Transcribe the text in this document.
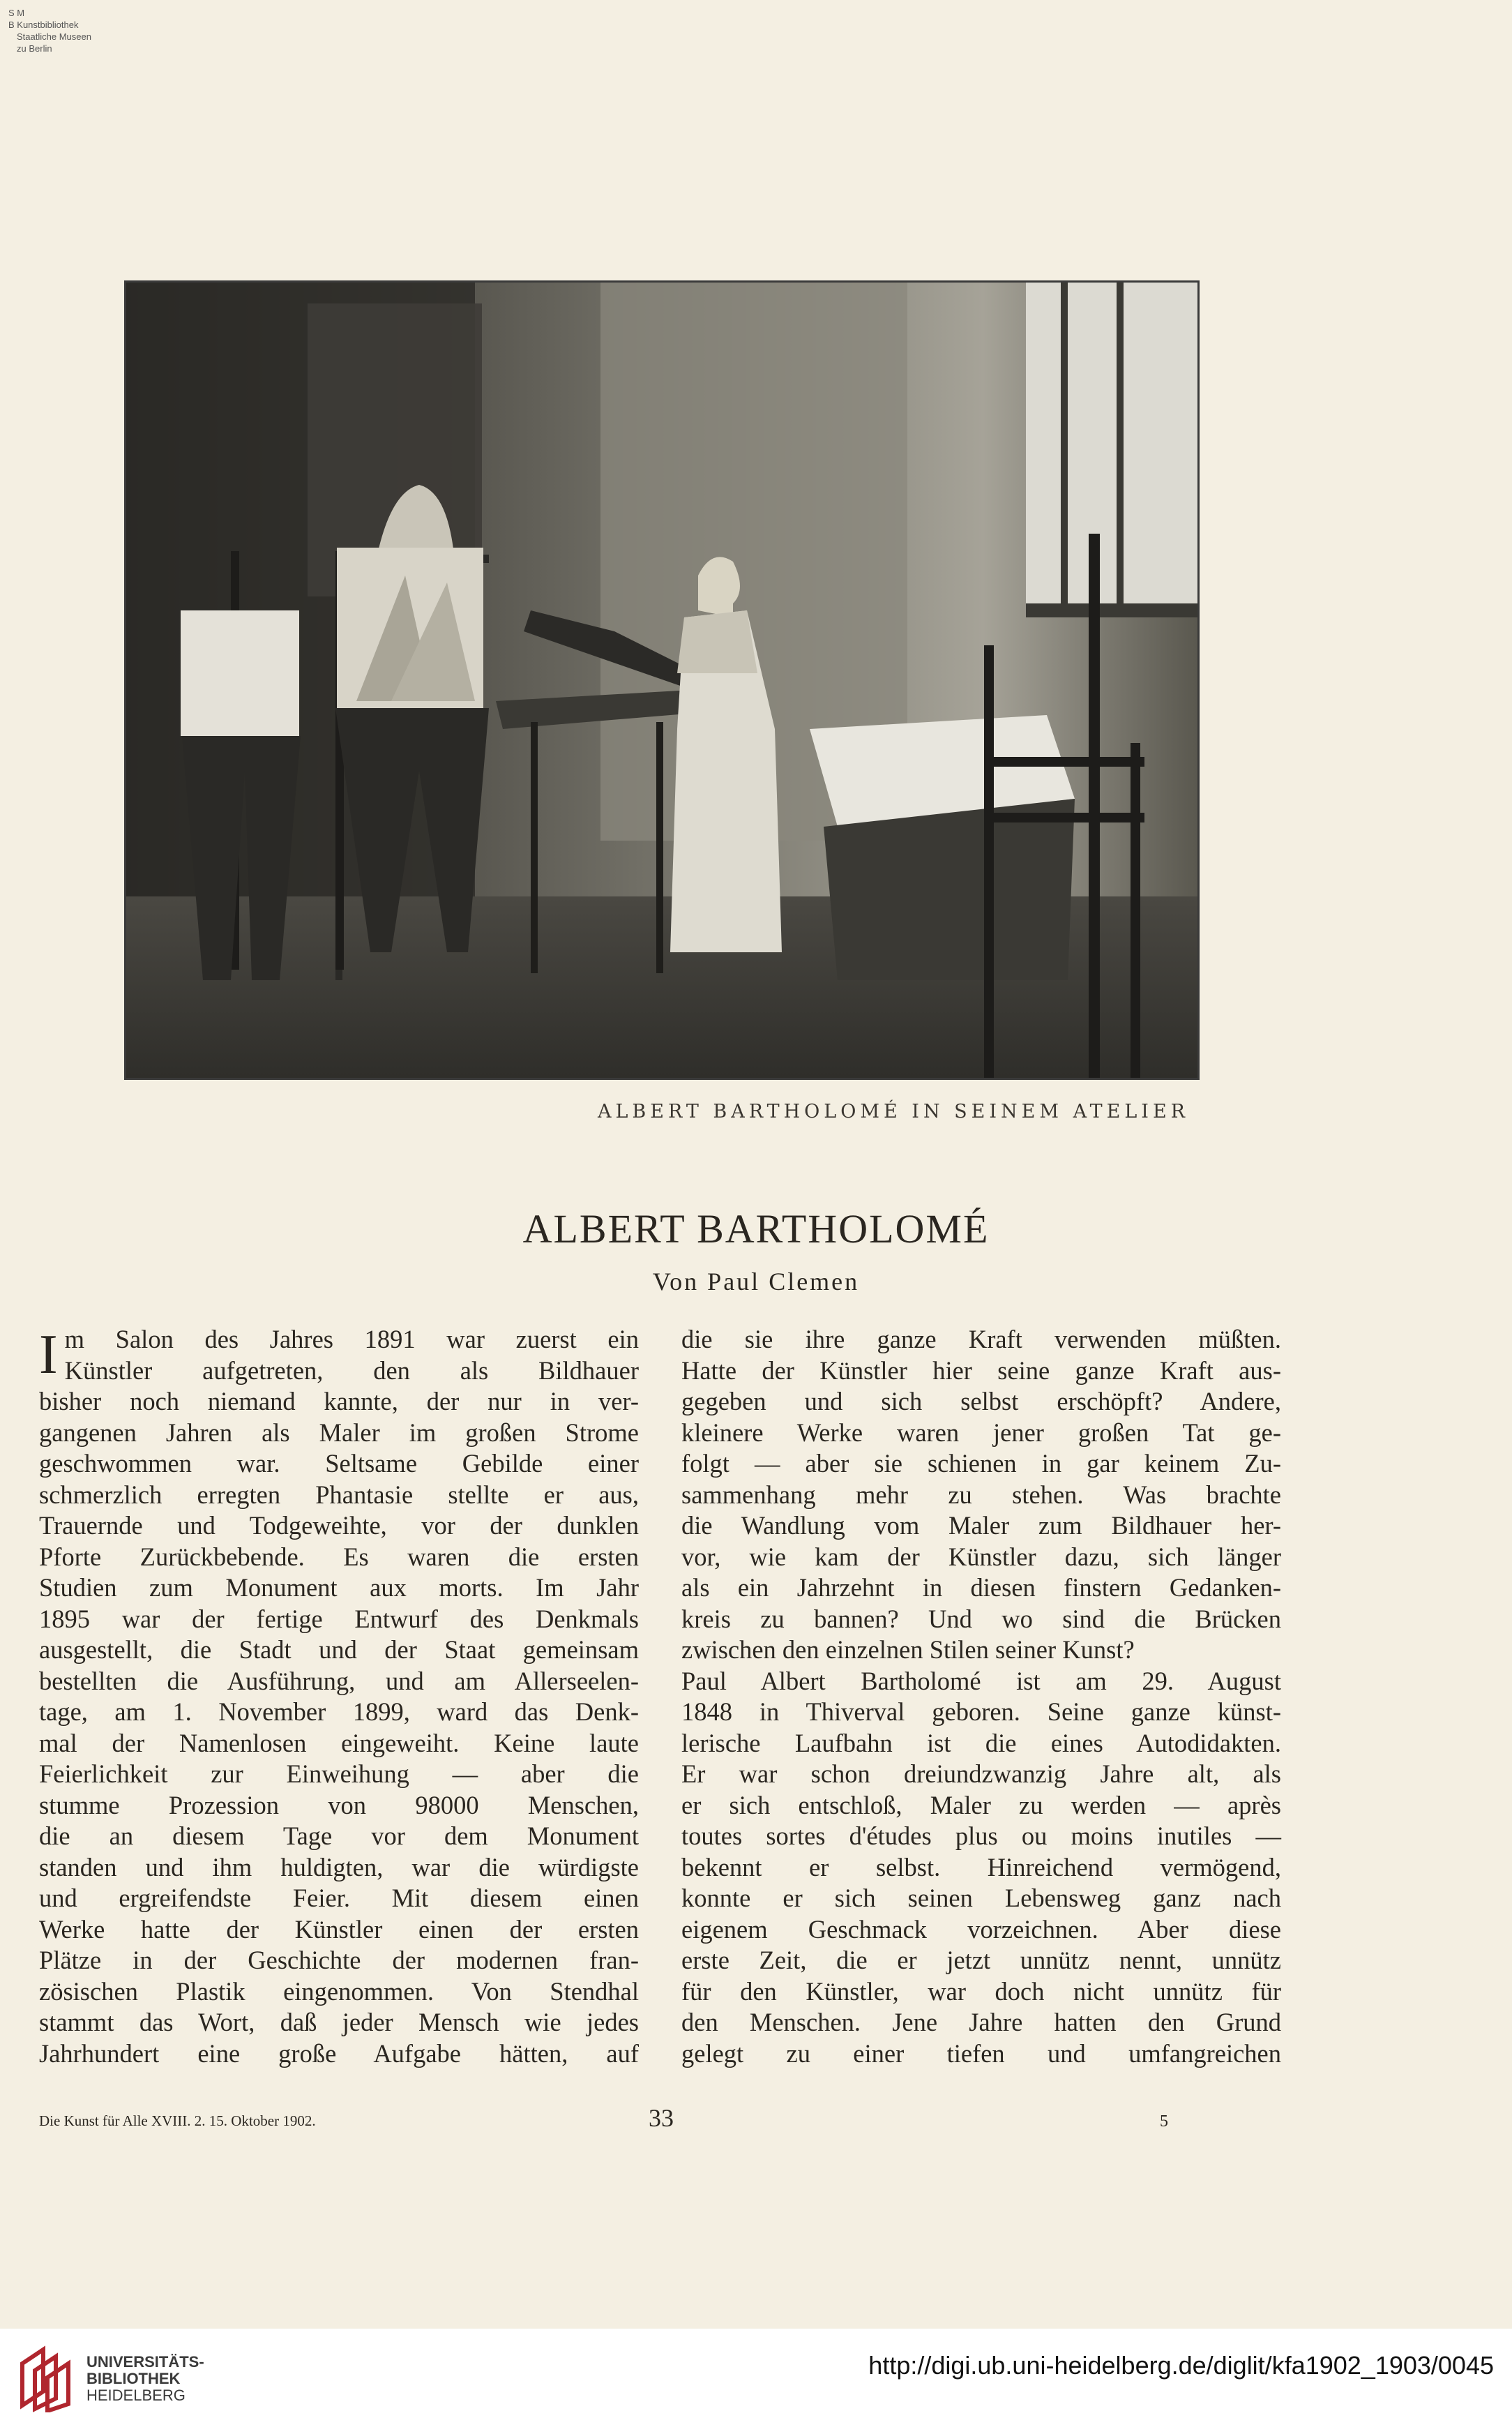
S M
B Kunstbibliothek
Staatliche Museen
zu Berlin
ALBERT BARTHOLOMÉ IN SEINEM ATELIER
ALBERT BARTHOLOMÉ
Von Paul Clemen
I m Salon des Jahres 1891 war zuerst ein
Künstler aufgetreten, den als Bildhauer
bisher noch niemand kannte, der nur in ver-
gangenen Jahren als Maler im großen Strome
geschwommen war. Seltsame Gebilde einer
schmerzlich erregten Phantasie stellte er aus,
Trauernde und Todgeweihte, vor der dunklen
Pforte Zurückbebende. Es waren die ersten
Studien zum Monument aux morts. Im Jahr
1895 war der fertige Entwurf des Denkmals
ausgestellt, die Stadt und der Staat gemeinsam
bestellten die Ausführung, und am Allerseelen-
tage, am 1. November 1899, ward das Denk-
mal der Namenlosen eingeweiht. Keine laute
Feierlichkeit zur Einweihung — aber die
stumme Prozession von 98000 Menschen,
die an diesem Tage vor dem Monument
standen und ihm huldigten, war die würdigste
und ergreifendste Feier. Mit diesem einen
Werke hatte der Künstler einen der ersten
Plätze in der Geschichte der modernen fran-
zösischen Plastik eingenommen. Von Stendhal
stammt das Wort, daß jeder Mensch wie jedes
Jahrhundert eine große Aufgabe hätten, auf
die sie ihre ganze Kraft verwenden müßten.
Hatte der Künstler hier seine ganze Kraft aus-
gegeben und sich selbst erschöpft? Andere,
kleinere Werke waren jener großen Tat ge-
folgt — aber sie schienen in gar keinem Zu-
sammenhang mehr zu stehen. Was brachte
die Wandlung vom Maler zum Bildhauer her-
vor, wie kam der Künstler dazu, sich länger
als ein Jahrzehnt in diesen finstern Gedanken-
kreis zu bannen? Und wo sind die Brücken
zwischen den einzelnen Stilen seiner Kunst?
Paul Albert Bartholomé ist am 29. August
1848 in Thiverval geboren. Seine ganze künst-
lerische Laufbahn ist die eines Autodidakten.
Er war schon dreiundzwanzig Jahre alt, als
er sich entschloß, Maler zu werden — après
toutes sortes d'études plus ou moins inutiles —
bekennt er selbst. Hinreichend vermögend,
konnte er sich seinen Lebensweg ganz nach
eigenem Geschmack vorzeichnen. Aber diese
erste Zeit, die er jetzt unnütz nennt, unnütz
für den Künstler, war doch nicht unnütz für
den Menschen. Jene Jahre hatten den Grund
gelegt zu einer tiefen und umfangreichen
Die Kunst für Alle XVIII. 2. 15. Oktober 1902.	33	5
UNIVERSITÄTS-
BIBLIOTHEK
HEIDELBERG
http://digi.ub.uni-heidelberg.de/diglit/kfa1902_1903/0045
